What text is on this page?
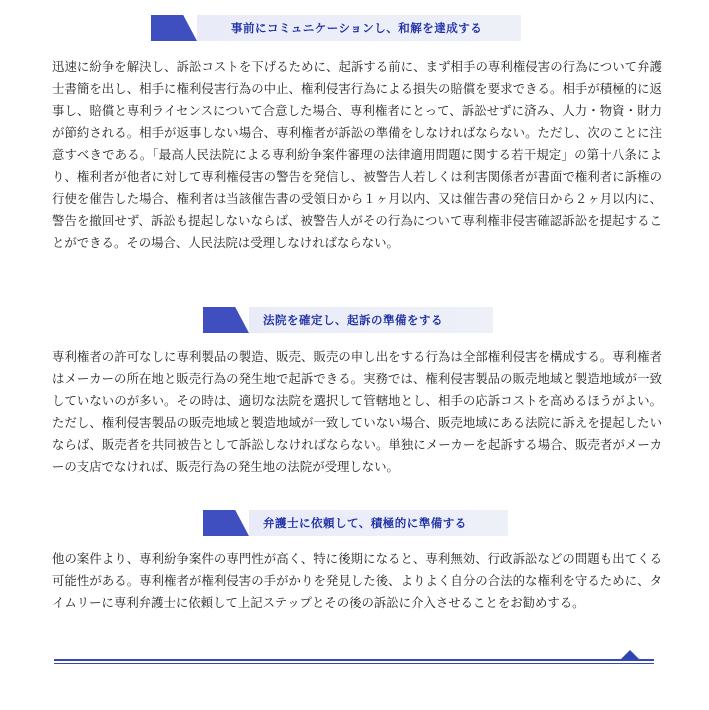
事前にコミュニケーションし、和解を達成する
迅速に紛争を解決し、訴訟コストを下げるために、起訴する前に、まず相手の専利権侵害の行為について弁護士書簡を出し、相手に権利侵害行為の中止、権利侵害行為による損失の賠償を要求できる。相手が積極的に返事し、賠償と専利ライセンスについて合意した場合、専利権者にとって、訴訟せずに済み、人力・物資・財力が節約される。相手が返事しない場合、専利権者が訴訟の準備をしなければならない。ただし、次のことに注意すべきである。「最高人民法院による専利紛争案件審理の法律適用問題に関する若干規定」の第十八条により、権利者が他者に対して専利権侵害の警告を発信し、被警告人若しくは利害関係者が書面で権利者に訴権の行使を催告した場合、権利者は当該催告書の受領日から１ヶ月以内、又は催告書の発信日から２ヶ月以内に、警告を撤回せず、訴訟も提起しないならば、被警告人がその行為について専利権非侵害確認訴訟を提起することができる。その場合、人民法院は受理しなければならない。
法院を確定し、起訴の準備をする
専利権者の許可なしに専利製品の製造、販売、販売の申し出をする行為は全部権利侵害を構成する。専利権者はメーカーの所在地と販売行為の発生地で起訴できる。実務では、権利侵害製品の販売地域と製造地域が一致していないのが多い。その時は、適切な法院を選択して管轄地とし、相手の応訴コストを高めるほうがよい。ただし、権利侵害製品の販売地域と製造地域が一致していない場合、販売地域にある法院に訴えを提起したいならば、販売者を共同被告として訴訟しなければならない。単独にメーカーを起訴する場合、販売者がメーカーの支店でなければ、販売行為の発生地の法院が受理しない。
弁護士に依頼して、積極的に準備する
他の案件より、専利紛争案件の専門性が高く、特に後期になると、専利無効、行政訴訟などの問題も出てくる可能性がある。専利権者が権利侵害の手がかりを発見した後、よりよく自分の合法的な権利を守るために、タイムリーに専利弁護士に依頼して上記ステップとその後の訴訟に介入させることをお勧めする。
